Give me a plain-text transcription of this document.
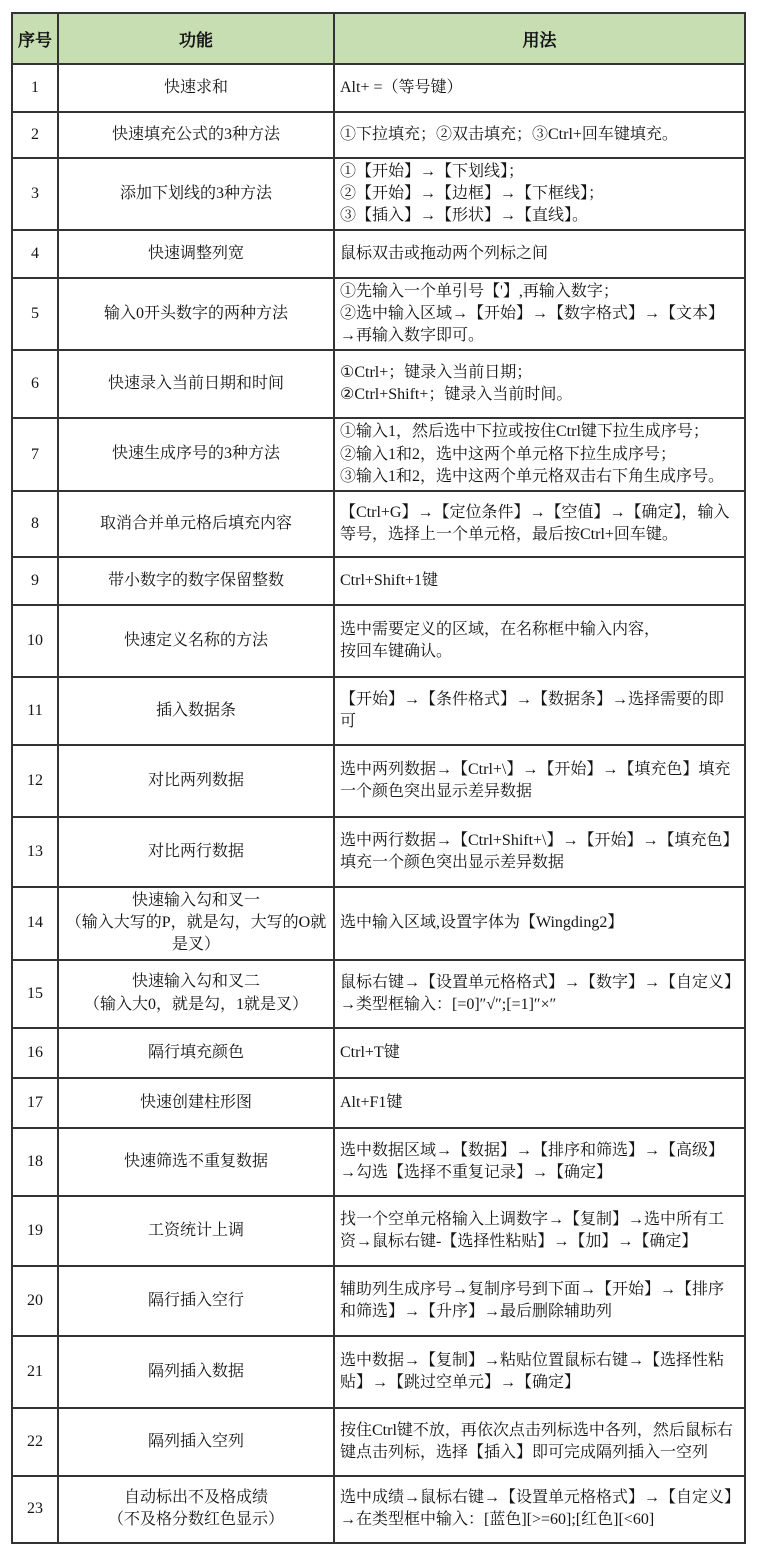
序号	功能	用法
1	快速求和	Alt+ =（等号键）
2	快速填充公式的3种方法	①下拉填充；②双击填充；③Ctrl+回车键填充。
3	添加下划线的3种方法	①【开始】→【下划线】；
②【开始】→【边框】→【下框线】；
③【插入】→【形状】→【直线】。
4	快速调整列宽	鼠标双击或拖动两个列标之间
5	输入0开头数字的两种方法	①先输入一个单引号【'】,再输入数字；
②选中输入区域→【开始】→【数字格式】→【文本】→再输入数字即可。
6	快速录入当前日期和时间	①Ctrl+；键录入当前日期；
②Ctrl+Shift+；键录入当前时间。
7	快速生成序号的3种方法	①输入1，然后选中下拉或按住Ctrl键下拉生成序号；
②输入1和2，选中这两个单元格下拉生成序号；
③输入1和2，选中这两个单元格双击右下角生成序号。
8	取消合并单元格后填充内容	【Ctrl+G】→【定位条件】→【空值】→【确定】，输入等号，选择上一个单元格，最后按Ctrl+回车键。
9	带小数字的数字保留整数	Ctrl+Shift+1键
10	快速定义名称的方法	选中需要定义的区域，在名称框中输入内容，
按回车键确认。
11	插入数据条	【开始】→【条件格式】→【数据条】→选择需要的即可
12	对比两列数据	选中两列数据→【Ctrl+\】→【开始】→【填充色】填充一个颜色突出显示差异数据
13	对比两行数据	选中两行数据→【Ctrl+Shift+\】→【开始】→【填充色】填充一个颜色突出显示差异数据
14	快速输入勾和叉一
（输入大写的P，就是勾，大写的O就是叉）	选中输入区域,设置字体为【Wingding2】
15	快速输入勾和叉二
（输入大0，就是勾，1就是叉）	鼠标右键→【设置单元格格式】→【数字】→【自定义】→类型框输入：[=0]″√″;[=1]″×″
16	隔行填充颜色	Ctrl+T键
17	快速创建柱形图	Alt+F1键
18	快速筛选不重复数据	选中数据区域→【数据】→【排序和筛选】→【高级】→勾选【选择不重复记录】→【确定】
19	工资统计上调	找一个空单元格输入上调数字→【复制】→选中所有工资→鼠标右键-【选择性粘贴】→【加】→【确定】
20	隔行插入空行	辅助列生成序号→复制序号到下面→【开始】→【排序和筛选】→【升序】→最后删除辅助列
21	隔列插入数据	选中数据→【复制】→粘贴位置鼠标右键→【选择性粘贴】→【跳过空单元】→【确定】
22	隔列插入空列	按住Ctrl键不放，再依次点击列标选中各列，然后鼠标右键点击列标，选择【插入】即可完成隔列插入一空列
23	自动标出不及格成绩
（不及格分数红色显示）	选中成绩→鼠标右键→【设置单元格格式】→【自定义】→在类型框中输入：[蓝色][>=60];[红色][<60]
